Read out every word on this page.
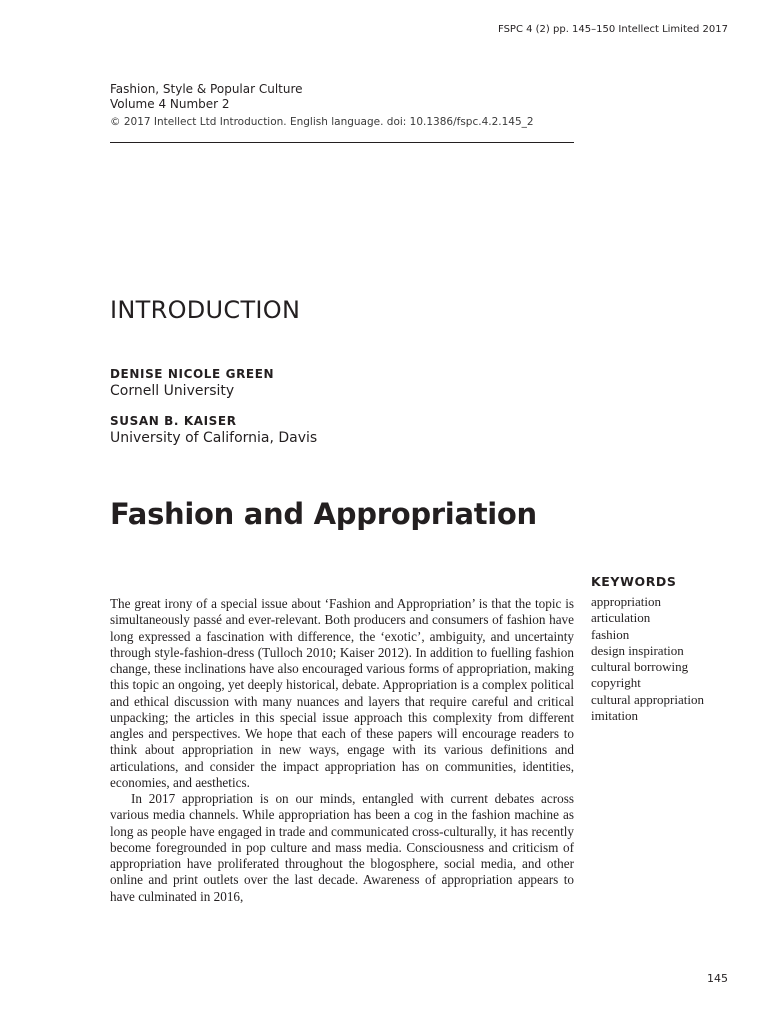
FSPC 4 (2) pp. 145–150 Intellect Limited 2017
Fashion, Style & Popular Culture
Volume 4 Number 2
© 2017 Intellect Ltd Introduction. English language. doi: 10.1386/fspc.4.2.145_2
INTRODUCTION
DENISE NICOLE GREEN
Cornell University
SUSAN B. KAISER
University of California, Davis
Fashion and Appropriation
KEYWORDS
appropriation
articulation
fashion
design inspiration
cultural borrowing
copyright
cultural appropriation
imitation

The great irony of a special issue about ‘Fashion and Appropriation’ is that the topic is simultaneously passé and ever-relevant. Both producers and consumers of fashion have long expressed a fascination with difference, the ‘exotic’, ambiguity, and uncertainty through style-fashion-dress (Tulloch 2010; Kaiser 2012). In addition to fuelling fashion change, these inclinations have also encouraged various forms of appropriation, making this topic an ongoing, yet deeply historical, debate. Appropriation is a complex political and ethical discussion with many nuances and layers that require careful and critical unpacking; the articles in this special issue approach this complexity from different angles and perspectives. We hope that each of these papers will encourage readers to think about appropriation in new ways, engage with its various definitions and articulations, and consider the impact appropriation has on communities, identities, economies, and aesthetics.

In 2017 appropriation is on our minds, entangled with current debates across various media channels. While appropriation has been a cog in the fashion machine as long as people have engaged in trade and communicated cross-culturally, it has recently become foregrounded in pop culture and mass media. Consciousness and criticism of appropriation have proliferated throughout the blogosphere, social media, and other online and print outlets over the last decade. Awareness of appropriation appears to have culminated in 2016,

145
